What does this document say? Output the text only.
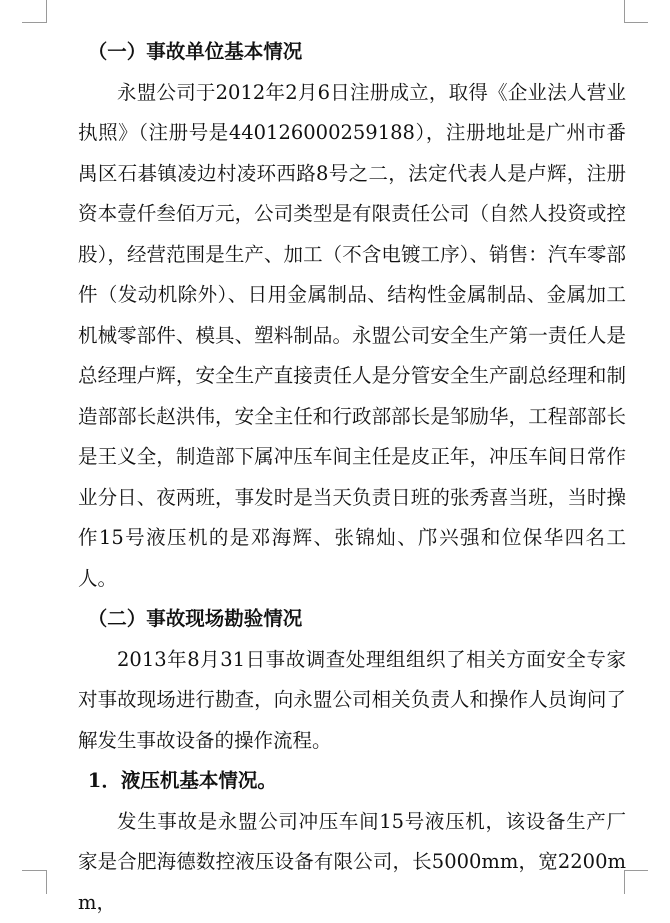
（一）事故单位基本情况

永盟公司于2012年2月6日注册成立，取得《企业法人营业执照》（注册号是440126000259188），注册地址是广州市番禺区石碁镇凌边村凌环西路8号之二，法定代表人是卢辉，注册资本壹仟叁佰万元，公司类型是有限责任公司（自然人投资或控股），经营范围是生产、加工（不含电镀工序）、销售：汽车零部件（发动机除外）、日用金属制品、结构性金属制品、金属加工机械零部件、模具、塑料制品。永盟公司安全生产第一责任人是总经理卢辉，安全生产直接责任人是分管安全生产副总经理和制造部部长赵洪伟，安全主任和行政部部长是邹励华，工程部部长是王义全，制造部下属冲压车间主任是皮正年，冲压车间日常作业分日、夜两班，事发时是当天负责日班的张秀喜当班，当时操作15号液压机的是邓海辉、张锦灿、邝兴强和位保华四名工人。

（二）事故现场勘验情况

2013年8月31日事故调查处理组组织了相关方面安全专家对事故现场进行勘查，向永盟公司相关负责人和操作人员询问了解发生事故设备的操作流程。

1．液压机基本情况。

发生事故是永盟公司冲压车间15号液压机，该设备生产厂家是合肥海德数控液压设备有限公司，长5000mm，宽2200mm，
